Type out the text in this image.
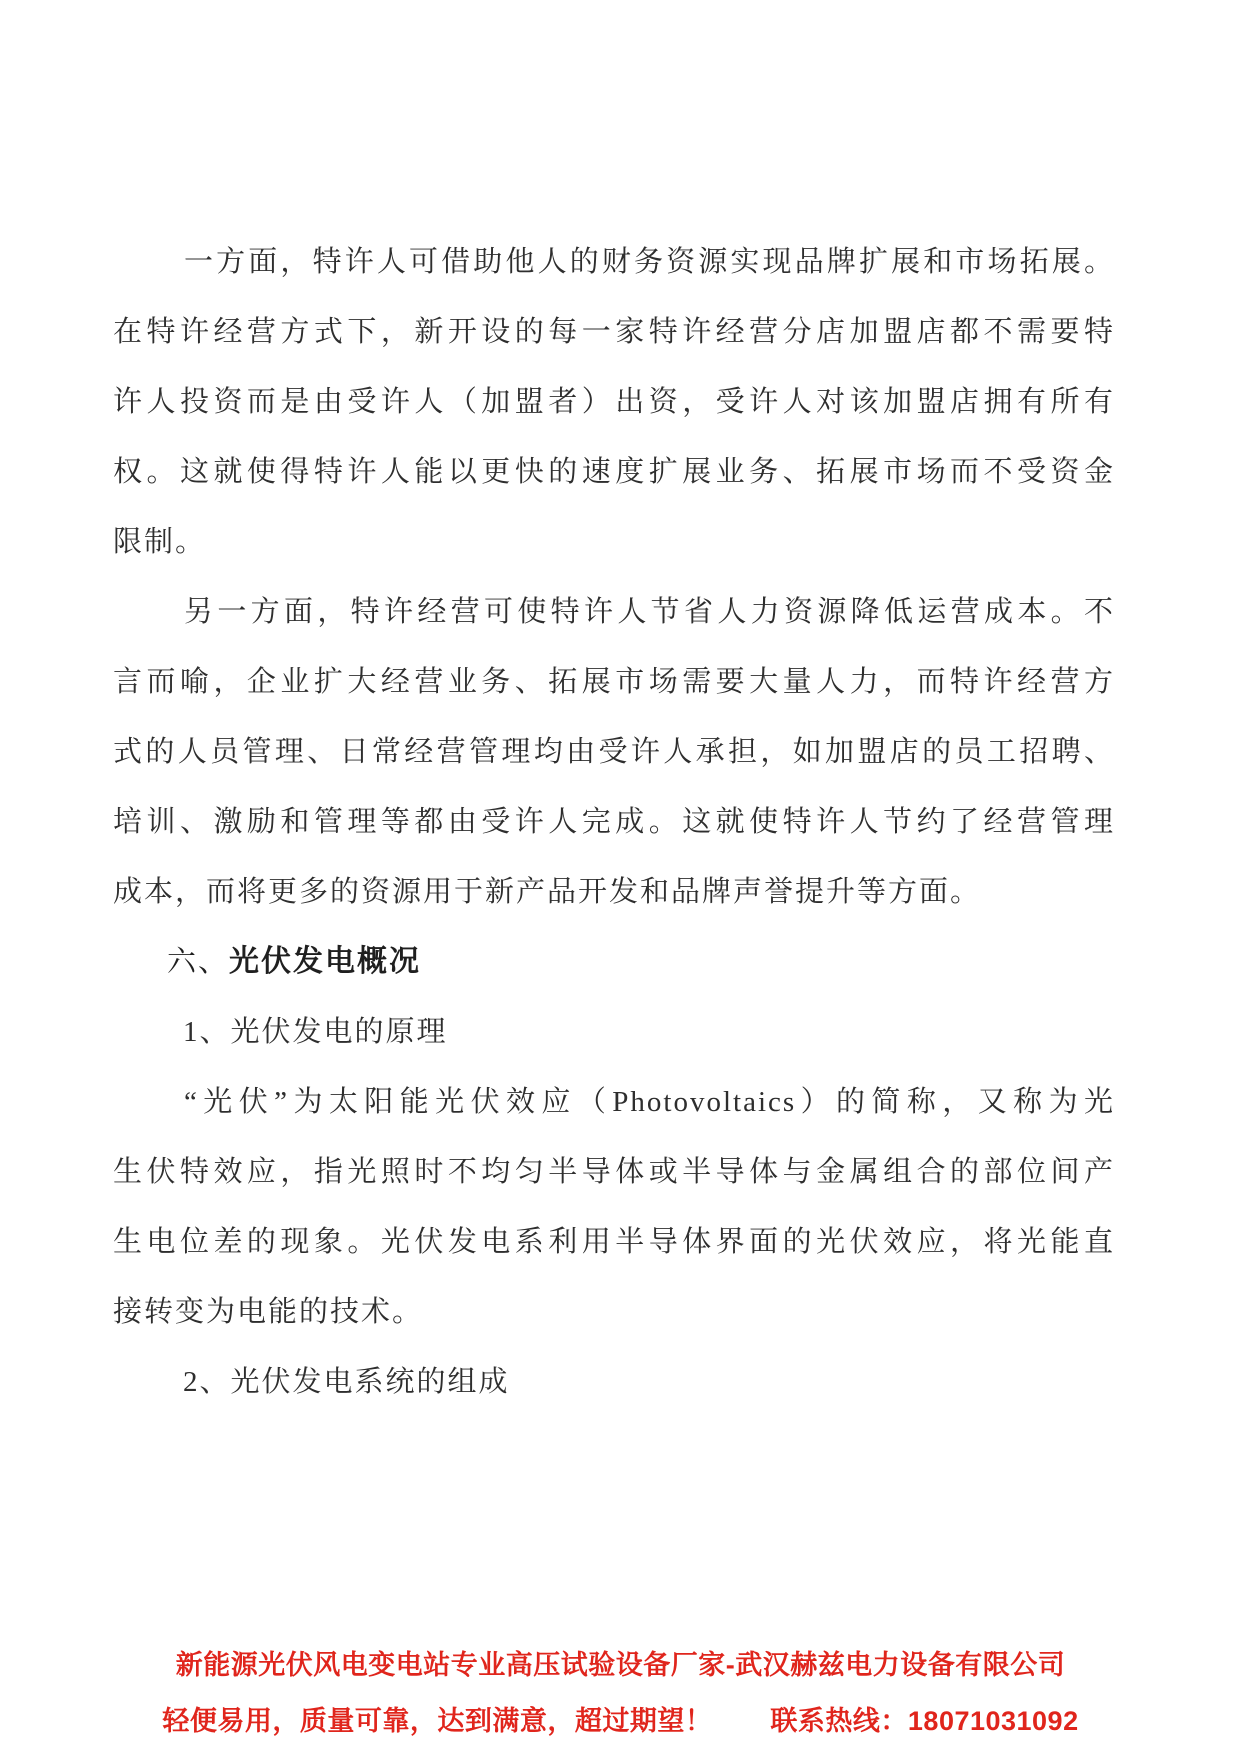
一方面，特许人可借助他人的财务资源实现品牌扩展和市场拓展。
在特许经营方式下，新开设的每一家特许经营分店加盟店都不需要特
许人投资而是由受许人（加盟者）出资，受许人对该加盟店拥有所有
权。这就使得特许人能以更快的速度扩展业务、拓展市场而不受资金
限制。
另一方面，特许经营可使特许人节省人力资源降低运营成本。不
言而喻，企业扩大经营业务、拓展市场需要大量人力，而特许经营方
式的人员管理、日常经营管理均由受许人承担，如加盟店的员工招聘、
培训、激励和管理等都由受许人完成。这就使特许人节约了经营管理
成本，而将更多的资源用于新产品开发和品牌声誉提升等方面。
六、光伏发电概况
1、光伏发电的原理
“光伏”为太阳能光伏效应（Photovoltaics）的简称，又称为光
生伏特效应，指光照时不均匀半导体或半导体与金属组合的部位间产
生电位差的现象。光伏发电系利用半导体界面的光伏效应，将光能直
接转变为电能的技术。
2、光伏发电系统的组成
新能源光伏风电变电站专业高压试验设备厂家-武汉赫兹电力设备有限公司
轻便易用，质量可靠，达到满意，超过期望！ 联系热线：18071031092
